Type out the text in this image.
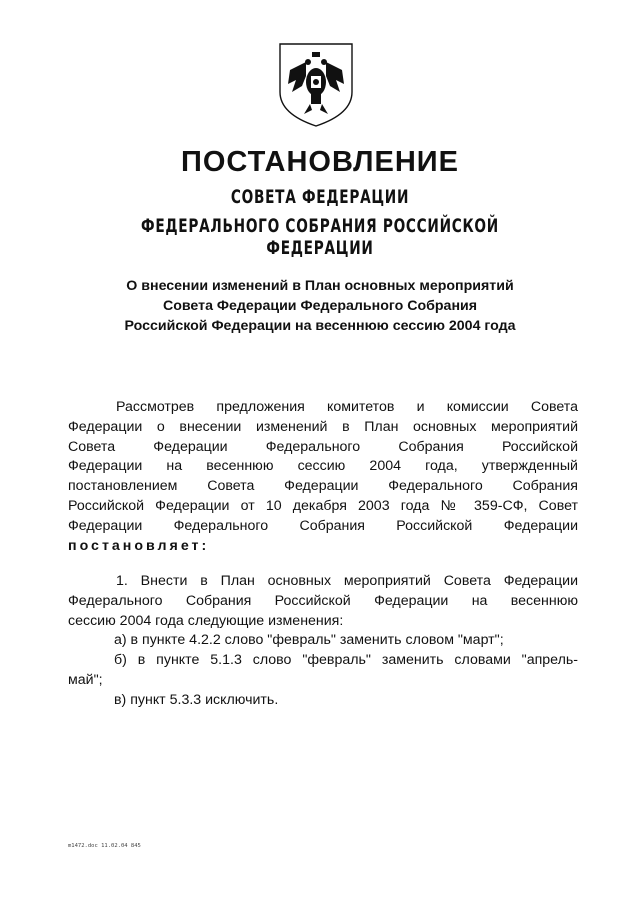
ПОСТАНОВЛЕНИЕ

СОВЕТА ФЕДЕРАЦИИ

ФЕДЕРАЛЬНОГО СОБРАНИЯ РОССИЙСКОЙ ФЕДЕРАЦИИ

О внесении изменений в План основных мероприятий
Совета Федерации Федерального Собрания
Российской Федерации на весеннюю сессию 2004 года

Рассмотрев предложения комитетов и комиссии Совета
Федерации о внесении изменений в План основных мероприятий
Совета Федерации Федерального Собрания Российской
Федерации на весеннюю сессию 2004 года, утвержденный
постановлением Совета Федерации Федерального Собрания
Российской Федерации от 10 декабря 2003 года № 359-СФ, Совет
Федерации Федерального Собрания Российской Федерации
постановляет:
1. Внести в План основных мероприятий Совета Федерации
Федерального Собрания Российской Федерации на весеннюю
сессию 2004 года следующие изменения:
а) в пункте 4.2.2 слово "февраль" заменить словом "март";
б) в пункте 5.1.3 слово "февраль" заменить словами "апрель-
май";
в) пункт 5.3.3 исключить.

m1472.doc 11.02.04 845
